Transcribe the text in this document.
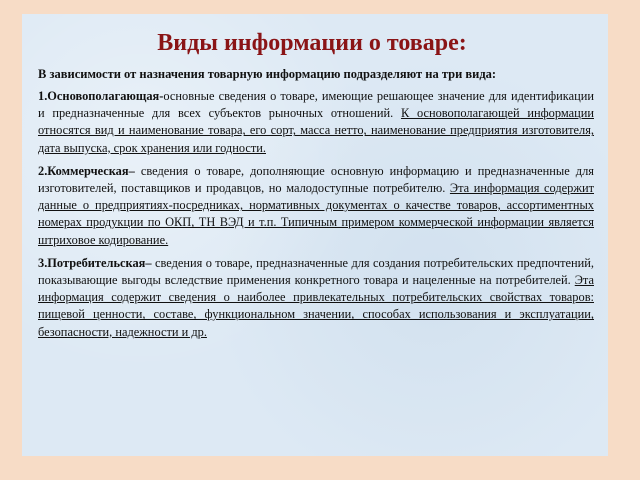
Виды информации о товаре:

В зависимости от назначения товарную информацию подразделяют на три вида:

1.Основополагающая-основные сведения о товаре, имеющие решающее значение для идентификации и предназначенные для всех субъектов рыночных отношений. К основополагающей информации относятся вид и наименование товара, его сорт, масса нетто, наименование предприятия изготовителя, дата выпуска, срок хранения или годности.

2.Коммерческая– сведения о товаре, дополняющие основную информацию и предназначенные для изготовителей, поставщиков и продавцов, но малодоступные потребителю. Эта информация содержит данные о предприятиях-посредниках, нормативных документах о качестве товаров, ассортиментных номерах продукции по ОКП, ТН ВЭД и т.п. Типичным примером коммерческой информации является штриховое кодирование.

3.Потребительская– сведения о товаре, предназначенные для создания потребительских предпочтений, показывающие выгоды вследствие применения конкретного товара и нацеленные на потребителей. Эта информация содержит сведения о наиболее привлекательных потребительских свойствах товаров: пищевой ценности, составе, функциональном значении, способах использования и эксплуатации, безопасности, надежности и др.
